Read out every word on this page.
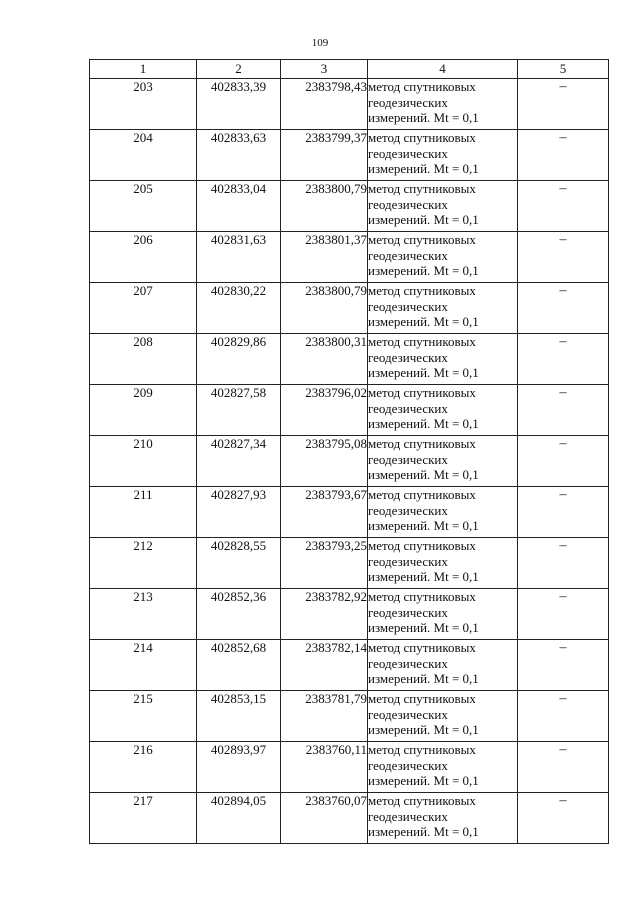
109
1	2	3	4	5
203	402833,39	2383798,43	метод спутниковых
геодезических
измерений. Mt = 0,1	–
204	402833,63	2383799,37	метод спутниковых
геодезических
измерений. Mt = 0,1	–
205	402833,04	2383800,79	метод спутниковых
геодезических
измерений. Mt = 0,1	–
206	402831,63	2383801,37	метод спутниковых
геодезических
измерений. Mt = 0,1	–
207	402830,22	2383800,79	метод спутниковых
геодезических
измерений. Mt = 0,1	–
208	402829,86	2383800,31	метод спутниковых
геодезических
измерений. Mt = 0,1	–
209	402827,58	2383796,02	метод спутниковых
геодезических
измерений. Mt = 0,1	–
210	402827,34	2383795,08	метод спутниковых
геодезических
измерений. Mt = 0,1	–
211	402827,93	2383793,67	метод спутниковых
геодезических
измерений. Mt = 0,1	–
212	402828,55	2383793,25	метод спутниковых
геодезических
измерений. Mt = 0,1	–
213	402852,36	2383782,92	метод спутниковых
геодезических
измерений. Mt = 0,1	–
214	402852,68	2383782,14	метод спутниковых
геодезических
измерений. Mt = 0,1	–
215	402853,15	2383781,79	метод спутниковых
геодезических
измерений. Mt = 0,1	–
216	402893,97	2383760,11	метод спутниковых
геодезических
измерений. Mt = 0,1	–
217	402894,05	2383760,07	метод спутниковых
геодезических
измерений. Mt = 0,1	–
